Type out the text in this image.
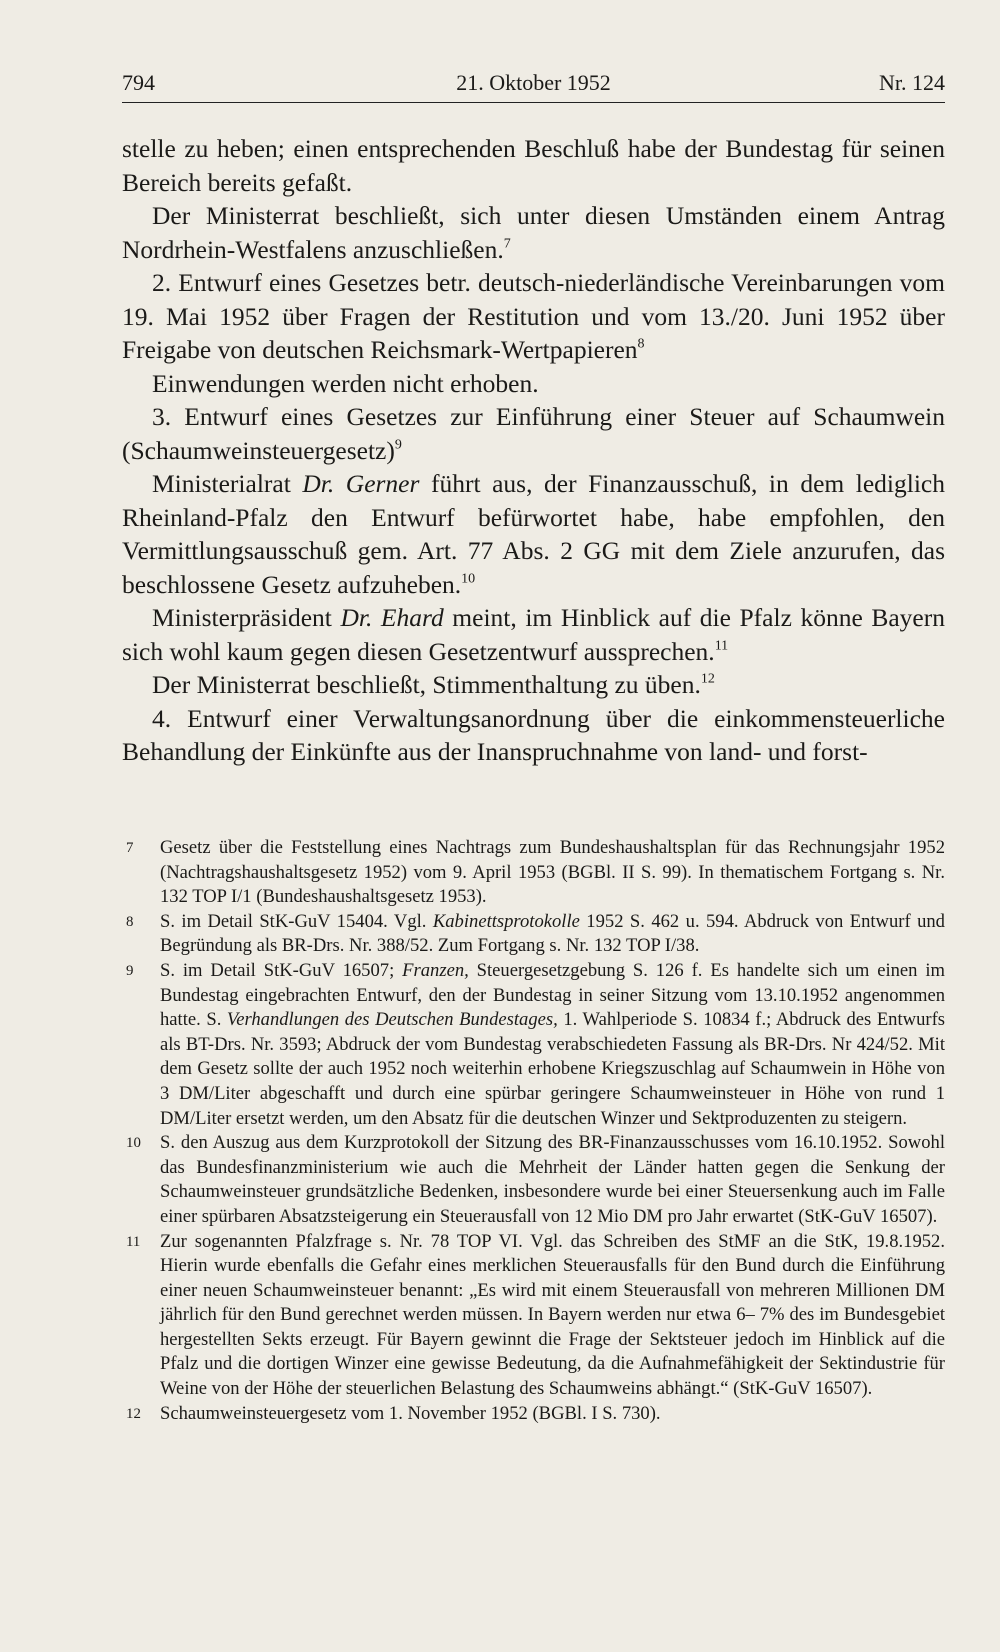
794	21. Oktober 1952	Nr. 124

stelle zu heben; einen entsprechenden Beschluß habe der Bundestag für seinen Bereich bereits gefaßt.

Der Ministerrat beschließt, sich unter diesen Umständen einem Antrag Nordrhein-Westfalens anzuschließen.$^7$

2. Entwurf eines Gesetzes betr. deutsch-niederländische Vereinbarungen vom 19. Mai 1952 über Fragen der Restitution und vom 13./20. Juni 1952 über Freigabe von deutschen Reichsmark-Wertpapieren$^8$

Einwendungen werden nicht erhoben.

3. Entwurf eines Gesetzes zur Einführung einer Steuer auf Schaumwein (Schaumweinsteuergesetz)$^9$

Ministerialrat Dr. Gerner führt aus, der Finanzausschuß, in dem lediglich Rheinland-Pfalz den Entwurf befürwortet habe, habe empfohlen, den Vermittlungsausschuß gem. Art. 77 Abs. 2 GG mit dem Ziele anzurufen, das beschlossene Gesetz aufzuheben.$^{10}$

Ministerpräsident Dr. Ehard meint, im Hinblick auf die Pfalz könne Bayern sich wohl kaum gegen diesen Gesetzentwurf aussprechen.$^{11}$

Der Ministerrat beschließt, Stimmenthaltung zu üben.$^{12}$

4. Entwurf einer Verwaltungsanordnung über die einkommensteuerliche Behandlung der Einkünfte aus der Inanspruchnahme von land- und forst-

7 Gesetz über die Feststellung eines Nachtrags zum Bundeshaushaltsplan für das Rechnungsjahr 1952 (Nachtragshaushaltsgesetz 1952) vom 9. April 1953 (BGBl. II S. 99). In thematischem Fortgang s. Nr. 132 TOP I/1 (Bundeshaushaltsgesetz 1953).

8 S. im Detail StK-GuV 15404. Vgl. Kabinettsprotokolle 1952 S. 462 u. 594. Abdruck von Entwurf und Begründung als BR-Drs. Nr. 388/52. Zum Fortgang s. Nr. 132 TOP I/38.

9 S. im Detail StK-GuV 16507; Franzen, Steuergesetzgebung S. 126 f. Es handelte sich um einen im Bundestag eingebrachten Entwurf, den der Bundestag in seiner Sitzung vom 13.10.1952 angenommen hatte. S. Verhandlungen des Deutschen Bundestages, 1. Wahlperiode S. 10834 f.; Abdruck des Entwurfs als BT-Drs. Nr. 3593; Abdruck der vom Bundestag verabschiedeten Fassung als BR-Drs. Nr 424/52. Mit dem Gesetz sollte der auch 1952 noch weiterhin erhobene Kriegszuschlag auf Schaumwein in Höhe von 3 DM/Liter abgeschafft und durch eine spürbar geringere Schaumweinsteuer in Höhe von rund 1 DM/Liter ersetzt werden, um den Absatz für die deutschen Winzer und Sektproduzenten zu steigern.

10 S. den Auszug aus dem Kurzprotokoll der Sitzung des BR-Finanzausschusses vom 16.10.1952. Sowohl das Bundesfinanzministerium wie auch die Mehrheit der Länder hatten gegen die Senkung der Schaumweinsteuer grundsätzliche Bedenken, insbesondere wurde bei einer Steuersenkung auch im Falle einer spürbaren Absatzsteigerung ein Steuerausfall von 12 Mio DM pro Jahr erwartet (StK-GuV 16507).

11 Zur sogenannten Pfalzfrage s. Nr. 78 TOP VI. Vgl. das Schreiben des StMF an die StK, 19.8.1952. Hierin wurde ebenfalls die Gefahr eines merklichen Steuerausfalls für den Bund durch die Einführung einer neuen Schaumweinsteuer benannt: „Es wird mit einem Steuerausfall von mehreren Millionen DM jährlich für den Bund gerechnet werden müssen. In Bayern werden nur etwa 6– 7% des im Bundesgebiet hergestellten Sekts erzeugt. Für Bayern gewinnt die Frage der Sektsteuer jedoch im Hinblick auf die Pfalz und die dortigen Winzer eine gewisse Bedeutung, da die Aufnahmefähigkeit der Sektindustrie für Weine von der Höhe der steuerlichen Belastung des Schaumweins abhängt.“ (StK-GuV 16507).

12 Schaumweinsteuergesetz vom 1. November 1952 (BGBl. I S. 730).
